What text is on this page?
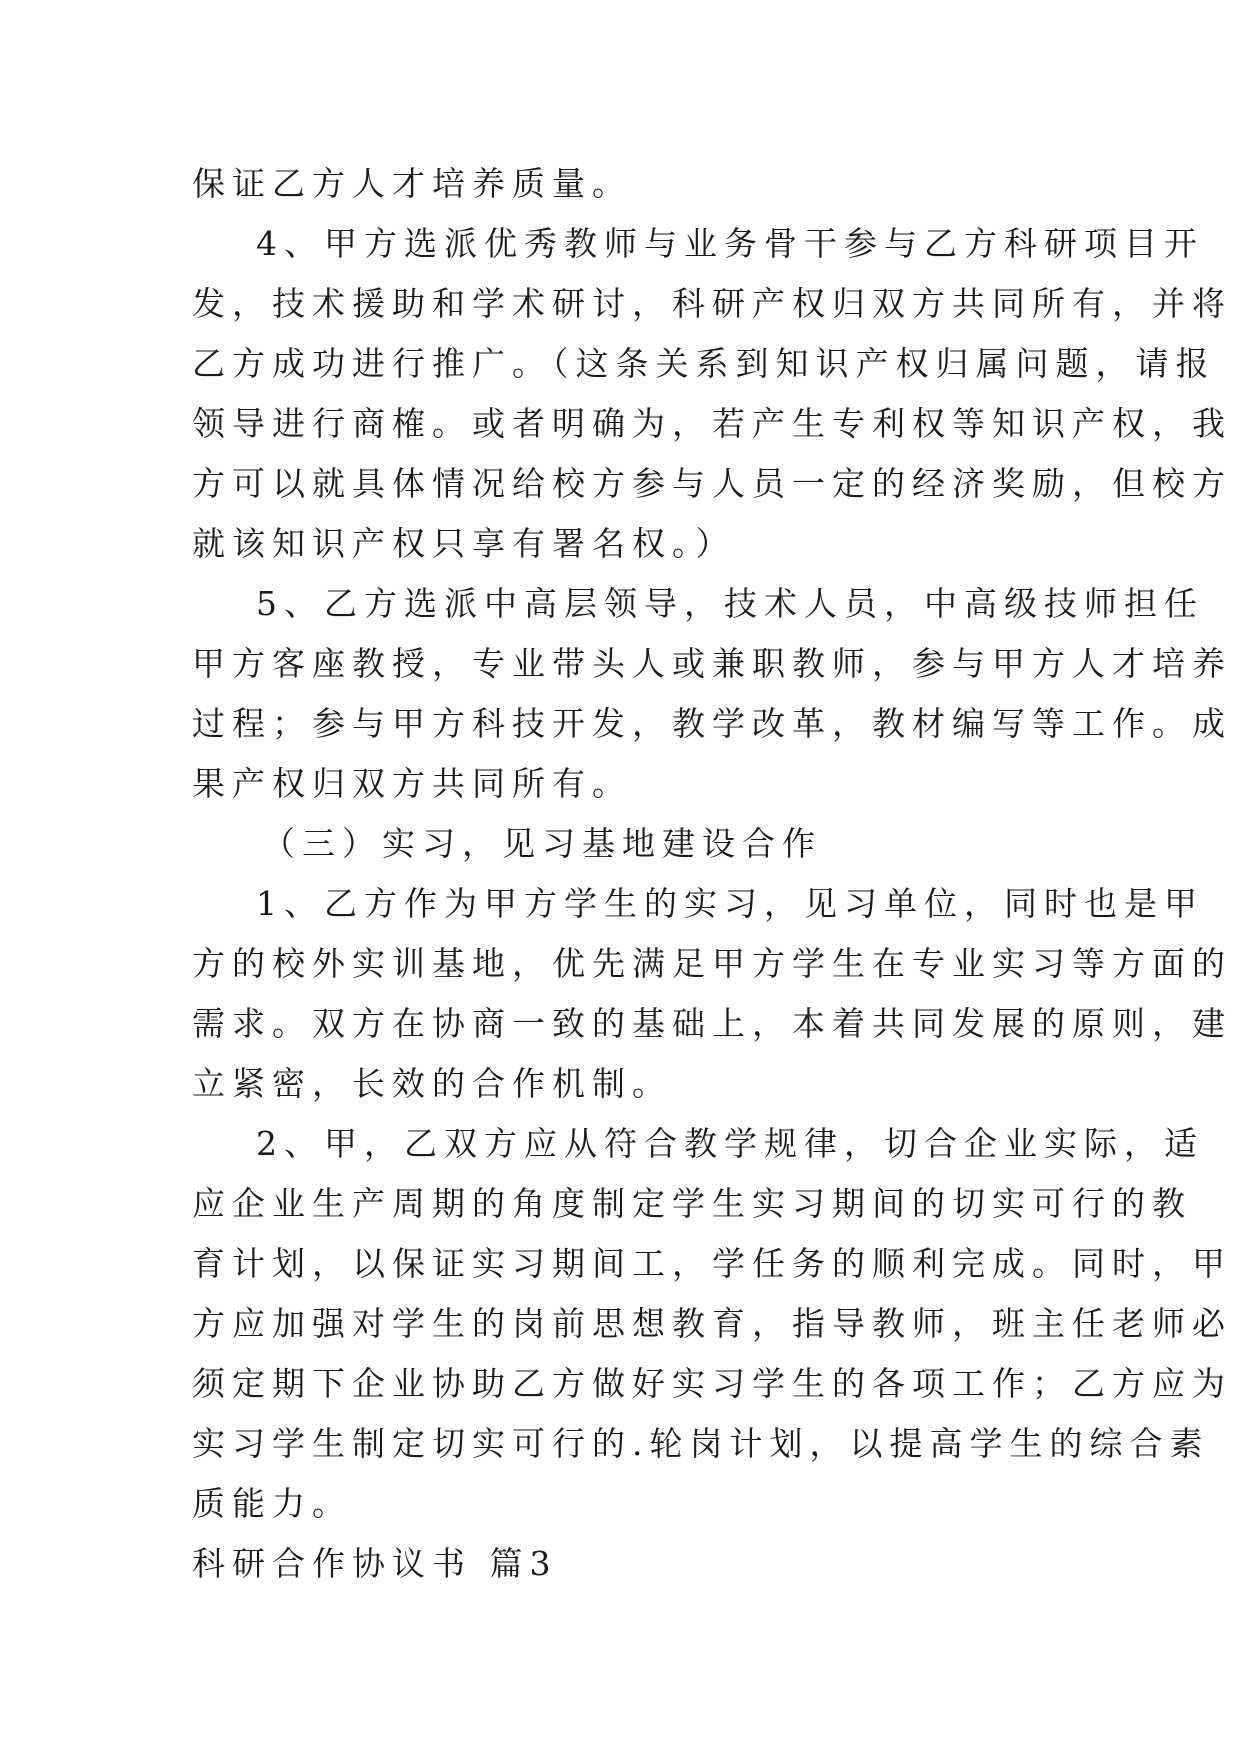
保证乙方人才培养质量。
4、甲方选派优秀教师与业务骨干参与乙方科研项目开
发，技术援助和学术研讨，科研产权归双方共同所有，并将
乙方成功进行推广。（这条关系到知识产权归属问题，请报
领导进行商榷。或者明确为，若产生专利权等知识产权，我
方可以就具体情况给校方参与人员一定的经济奖励，但校方
就该知识产权只享有署名权。）
5、乙方选派中高层领导，技术人员，中高级技师担任
甲方客座教授，专业带头人或兼职教师，参与甲方人才培养
过程；参与甲方科技开发，教学改革，教材编写等工作。成
果产权归双方共同所有。
（三）实习，见习基地建设合作
1、乙方作为甲方学生的实习，见习单位，同时也是甲
方的校外实训基地，优先满足甲方学生在专业实习等方面的
需求。双方在协商一致的基础上，本着共同发展的原则，建
立紧密，长效的合作机制。
2、甲，乙双方应从符合教学规律，切合企业实际，适
应企业生产周期的角度制定学生实习期间的切实可行的教
育计划，以保证实习期间工，学任务的顺利完成。同时，甲
方应加强对学生的岗前思想教育，指导教师，班主任老师必
须定期下企业协助乙方做好实习学生的各项工作；乙方应为
实习学生制定切实可行的.轮岗计划，以提高学生的综合素
质能力。
科研合作协议书 篇3
